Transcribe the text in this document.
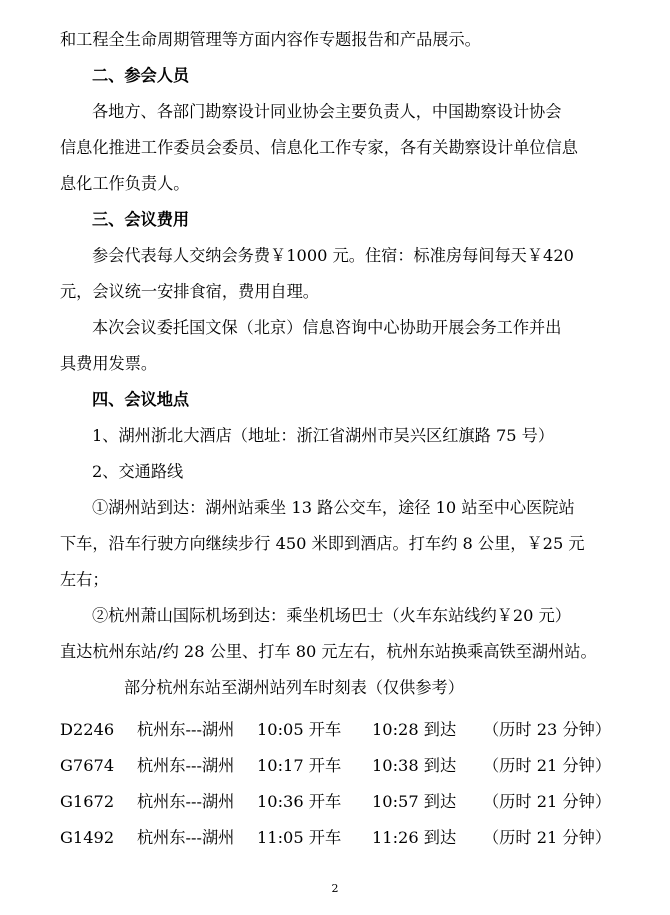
和工程全生命周期管理等方面内容作专题报告和产品展示。
二、参会人员
各地方、各部门勘察设计同业协会主要负责人，中国勘察设计协会
信息化推进工作委员会委员、信息化工作专家，各有关勘察设计单位信息
息化工作负责人。
三、会议费用
参会代表每人交纳会务费￥1000 元。住宿：标准房每间每天￥420
元，会议统一安排食宿，费用自理。
本次会议委托国文保（北京）信息咨询中心协助开展会务工作并出
具费用发票。
四、会议地点
1、湖州浙北大酒店（地址：浙江省湖州市吴兴区红旗路 75 号）
2、交通路线
①湖州站到达：湖州站乘坐 13 路公交车，途径 10 站至中心医院站
下车，沿车行驶方向继续步行 450 米即到酒店。打车约 8 公里，￥25 元
左右；
②杭州萧山国际机场到达：乘坐机场巴士（火车东站线约￥20 元）
直达杭州东站/约 28 公里、打车 80 元左右，杭州东站换乘高铁至湖州站。
部分杭州东站至湖州站列车时刻表（仅供参考）
D2246 杭州东---湖州 10:05 开车 10:28 到达 （历时 23 分钟）
G7674 杭州东---湖州 10:17 开车 10:38 到达 （历时 21 分钟）
G1672 杭州东---湖州 10:36 开车 10:57 到达 （历时 21 分钟）
G1492 杭州东---湖州 11:05 开车 11:26 到达 （历时 21 分钟）
2
